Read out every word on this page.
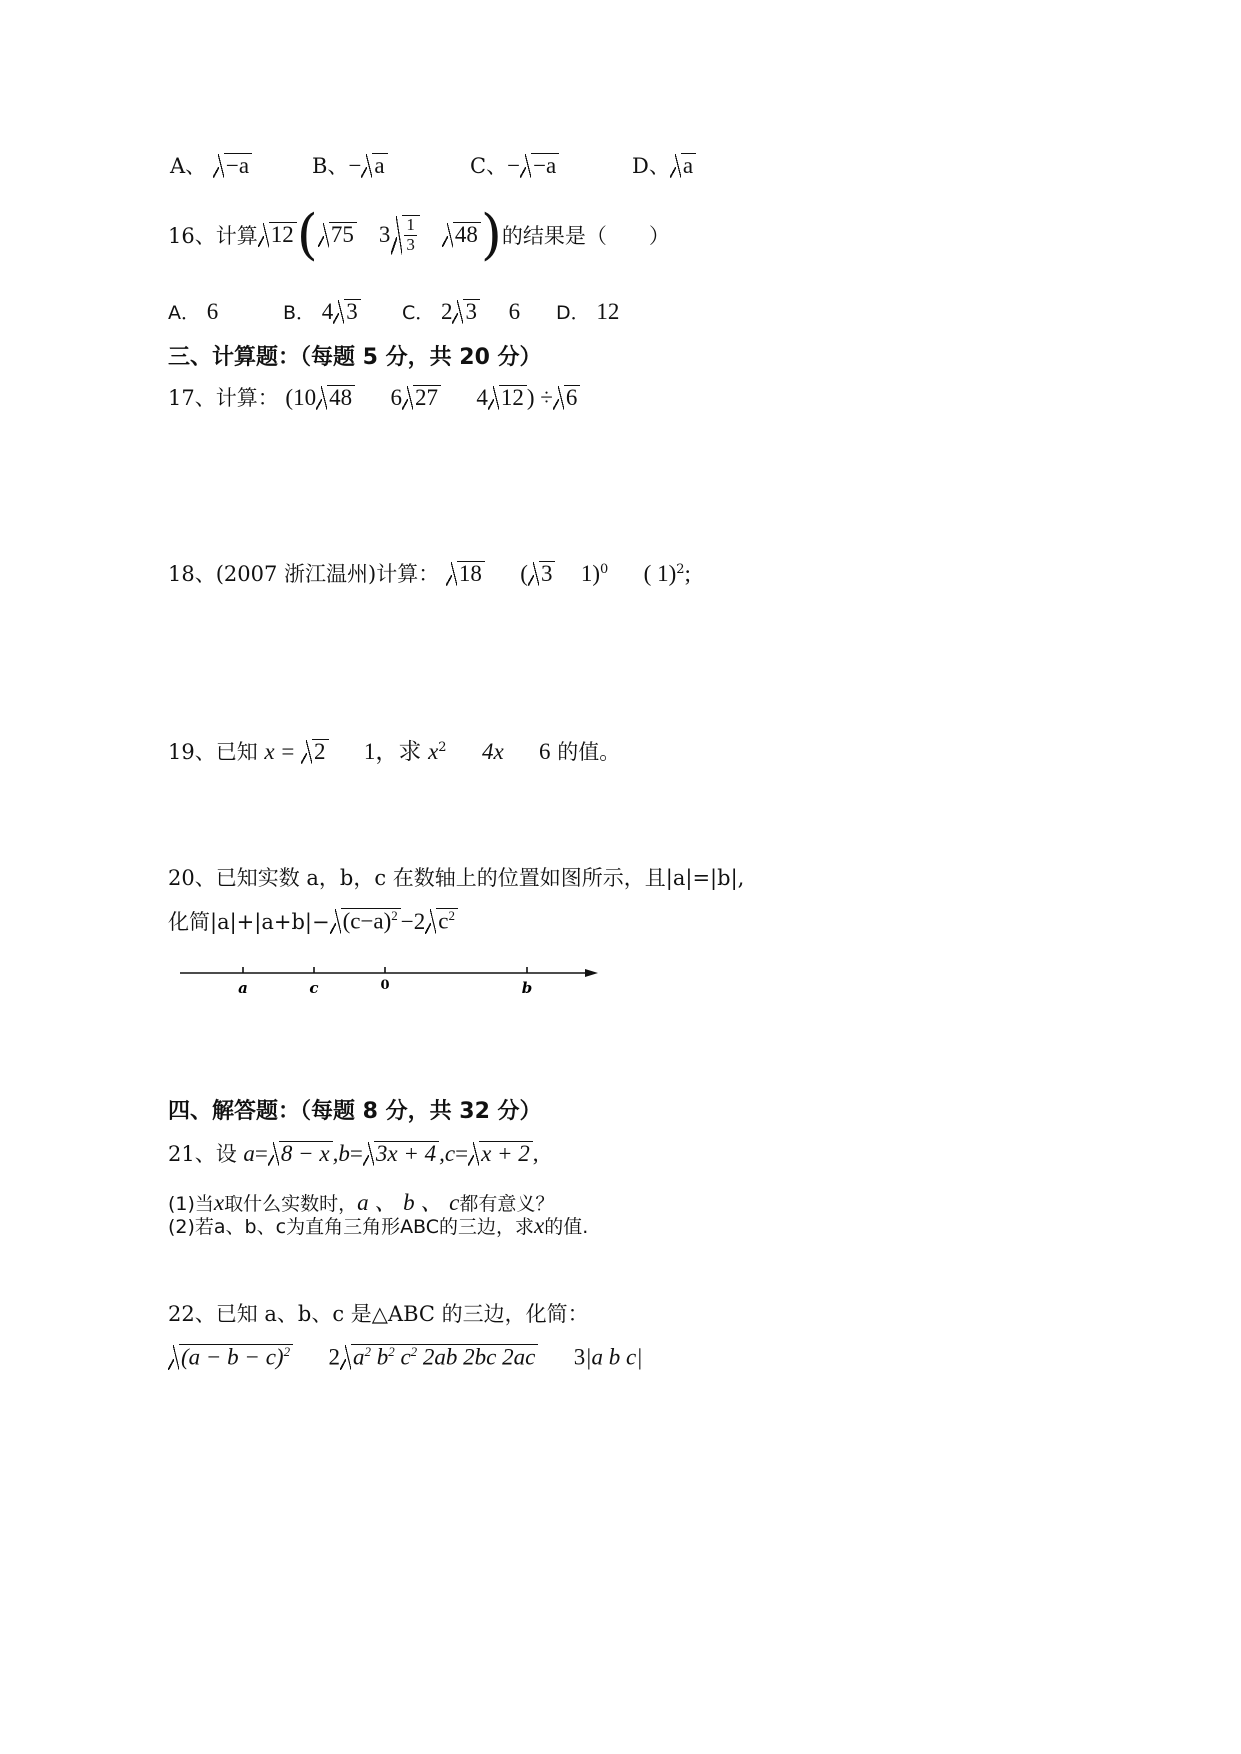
A、 −a	B、− a	C、− −a	D、 a
16、计算 12 ( 75 $3 \frac{1}{3} 48$ ) 的结果是（　　）
A． 6	B． 4 3 C． 2 3 6 D． 12
三、计算题：（每题 5 分，共 20 分）
17、计算： (10 48 6 27 4 12 ) ÷ 6
18、(2007 浙江温州)计算： 18 ( 3 1)$^0$ ( 1)$^2$;
19、已知 x = 2 1，求 $x^2$ 4x 6 的值。
20、已知实数 a，b，c 在数轴上的位置如图所示，且|a|=|b|,
化简$|a|+|a+b|- (c-a)^2 -2$ $c^2$
a	c	0	b
四、解答题：（每题 8 分，共 32 分）
21、设 a= 8 − x ,b= 3x + 4 ,c= x + 2 ,
(1)当x取什么实数时，a 、 b 、 c都有意义？
(2)若a、b、c为直角三角形ABC的三边，求x的值.
22、已知 a、b、c 是△ABC 的三边，化简：
$(a - b - c)^2$ 2 $a^2$ $b^2$ $c^2$ 2ab 2bc 2ac 3|a b c|
